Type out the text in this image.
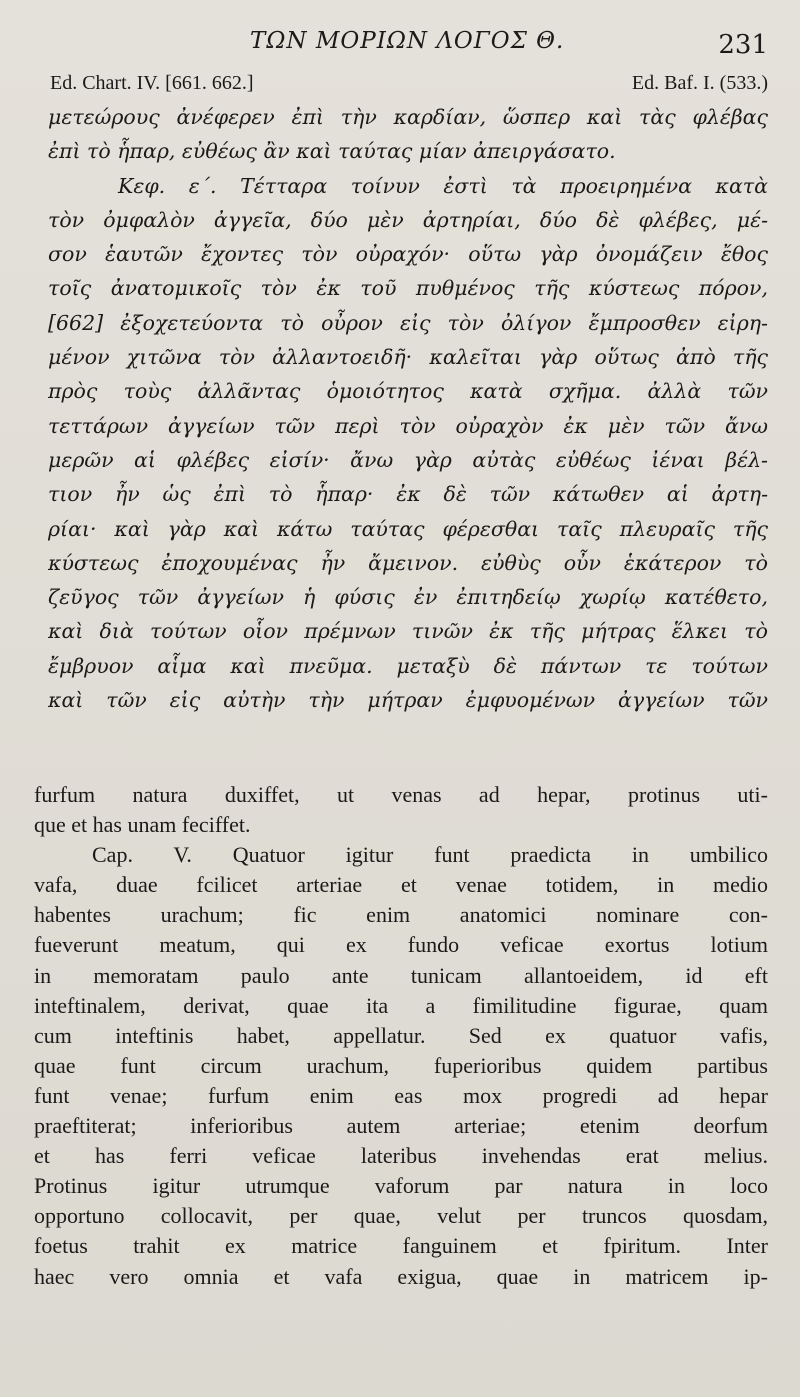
ΤΩΝ ΜΟΡΙΩΝ ΛΟΓΟΣ Θ.	231
Ed. Chart. IV. [661. 662.]	Ed. Baf. I. (533.)
μετεώρους ἀνέφερεν ἐπὶ τὴν καρδίαν, ὥσπερ καὶ τὰς φλέβας
ἐπὶ τὸ ἧπαρ, εὐθέως ἂν καὶ ταύτας μίαν ἀπειργάσατο.
Κεφ. ε΄. Τέτταρα τοίνυν ἐστὶ τὰ προειρημένα κατὰ
τὸν ὀμφαλὸν ἀγγεῖα, δύο μὲν ἀρτηρίαι, δύο δὲ φλέβες, μέ-
σον ἑαυτῶν ἔχοντες τὸν οὐραχόν· οὕτω γὰρ ὀνομάζειν ἔθος
τοῖς ἀνατομικοῖς τὸν ἐκ τοῦ πυθμένος τῆς κύστεως πόρον,
[662] ἐξοχετεύοντα τὸ οὖρον εἰς τὸν ὀλίγον ἔμπροσθεν εἰρη-
μένον χιτῶνα τὸν ἀλλαντοειδῆ· καλεῖται γὰρ οὕτως ἀπὸ τῆς
πρὸς τοὺς ἀλλᾶντας ὁμοιότητος κατὰ σχῆμα. ἀλλὰ τῶν
τεττάρων ἀγγείων τῶν περὶ τὸν οὐραχὸν ἐκ μὲν τῶν ἄνω
μερῶν αἱ φλέβες εἰσίν· ἄνω γὰρ αὐτὰς εὐθέως ἰέναι βέλ-
τιον ἦν ὡς ἐπὶ τὸ ἧπαρ· ἐκ δὲ τῶν κάτωθεν αἱ ἀρτη-
ρίαι· καὶ γὰρ καὶ κάτω ταύτας φέρεσθαι ταῖς πλευραῖς τῆς
κύστεως ἐποχουμένας ἦν ἄμεινον. εὐθὺς οὖν ἑκάτερον τὸ
ζεῦγος τῶν ἀγγείων ἡ φύσις ἐν ἐπιτηδείῳ χωρίῳ κατέθετο,
καὶ διὰ τούτων οἷον πρέμνων τινῶν ἐκ τῆς μήτρας ἕλκει τὸ
ἔμβρυον αἷμα καὶ πνεῦμα. μεταξὺ δὲ πάντων τε τούτων
καὶ τῶν εἰς αὐτὴν τὴν μήτραν ἐμφυομένων ἀγγείων τῶν
furfum natura duxiffet, ut venas ad hepar, protinus uti-
que et has unam feciffet.
Cap. V. Quatuor igitur funt praedicta in umbilico
vafa, duae fcilicet arteriae et venae totidem, in medio
habentes urachum; fic enim anatomici nominare con-
fueverunt meatum, qui ex fundo veficae exortus lotium
in memoratam paulo ante tunicam allantoeidem, id eft
inteftinalem, derivat, quae ita a fimilitudine figurae, quam
cum inteftinis habet, appellatur. Sed ex quatuor vafis,
quae funt circum urachum, fuperioribus quidem partibus
funt venae; furfum enim eas mox progredi ad hepar
praeftiterat; inferioribus autem arteriae; etenim deorfum
et has ferri veficae lateribus invehendas erat melius.
Protinus igitur utrumque vaforum par natura in loco
opportuno collocavit, per quae, velut per truncos quosdam,
foetus trahit ex matrice fanguinem et fpiritum. Inter
haec vero omnia et vafa exigua, quae in matricem ip-
